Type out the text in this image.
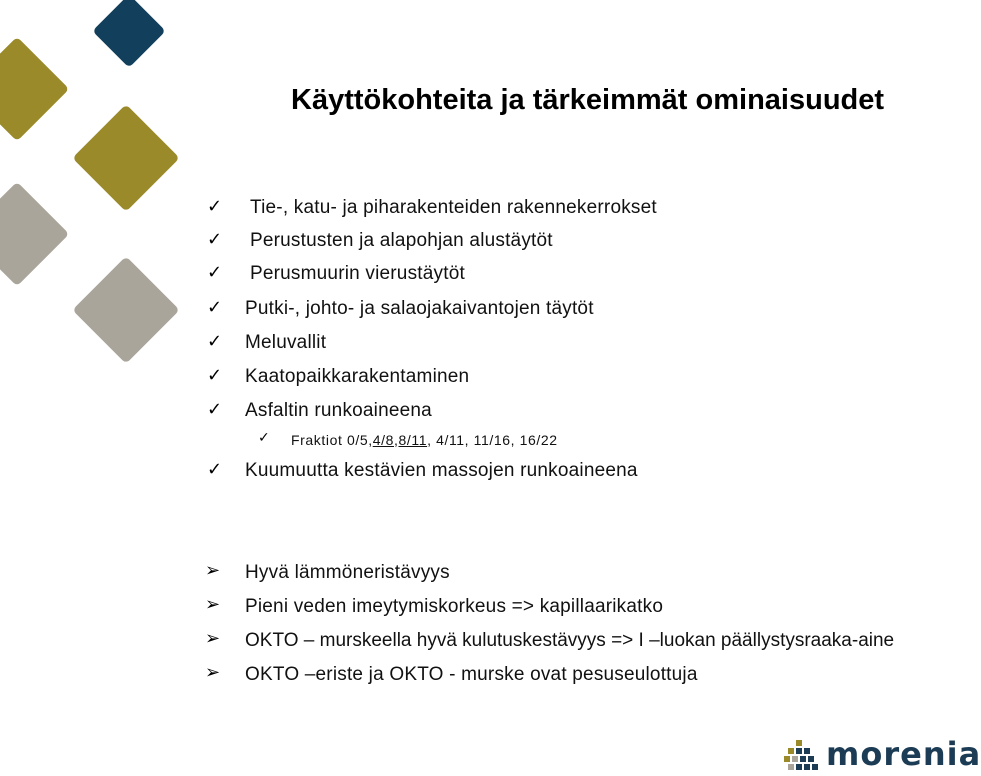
Käyttökohteita ja tärkeimmät ominaisuudet
✓ Tie-, katu- ja piharakenteiden rakennekerrokset
✓ Perustusten ja alapohjan alustäytöt
✓ Perusmuurin vierustäytöt
✓ Putki-, johto- ja salaojakaivantojen täytöt
✓ Meluvallit
✓ Kaatopaikkarakentaminen
✓ Asfaltin runkoaineena
✓ Fraktiot 0/5, 4/8 , 8/11 , 4/11, 11/16, 16/22
✓ Kuumuutta kestävien massojen runkoaineena
➢ Hyvä lämmöneristävyys
➢ Pieni veden imeytymiskorkeus => kapillaarikatko
➢ OKTO – murskeella hyvä kulutuskestävyys => I –luokan päällystysraaka-aine
➢ OKTO –eriste ja OKTO - murske ovat pesuseulottuja
morenia
